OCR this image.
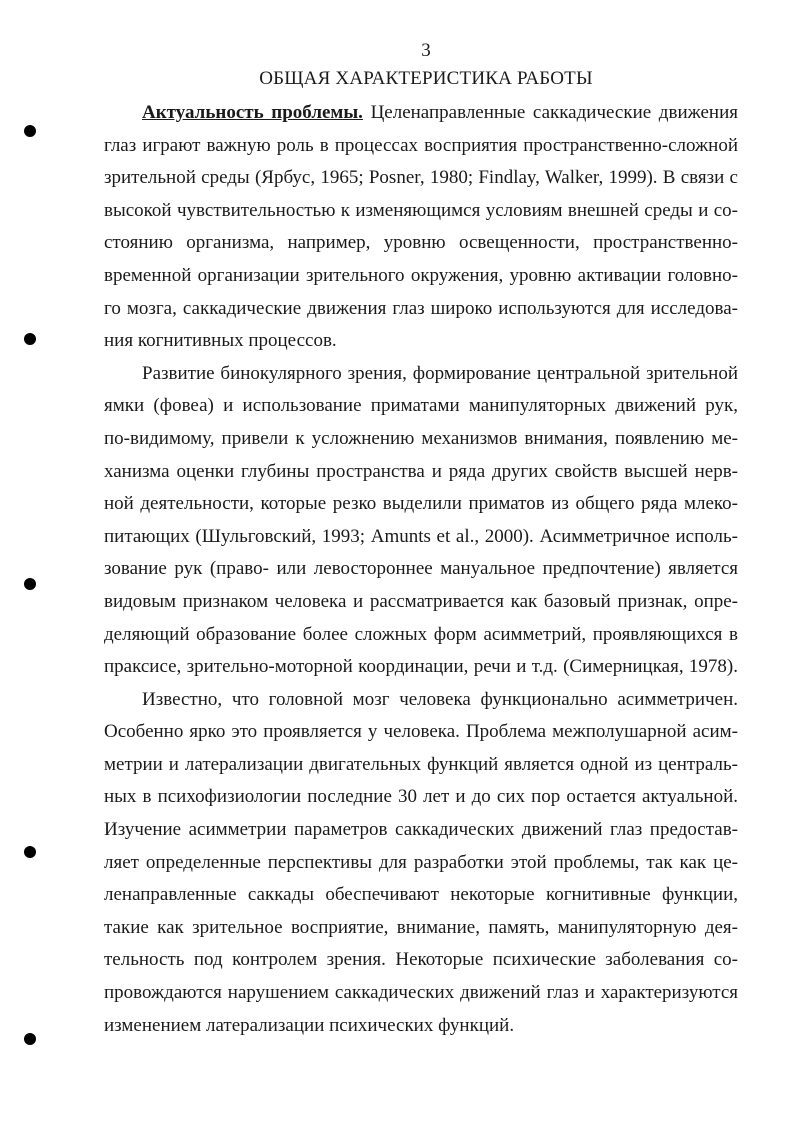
3
ОБЩАЯ ХАРАКТЕРИСТИКА РАБОТЫ
Актуальность проблемы. Целенаправленные саккадические движения
глаз играют важную роль в процессах восприятия пространственно-сложной
зрительной среды (Ярбус, 1965; Posner, 1980; Findlay, Walker, 1999). В связи с
высокой чувствительностью к изменяющимся условиям внешней среды и со-
стоянию организма, например, уровню освещенности, пространственно-
временной организации зрительного окружения, уровню активации головно-
го мозга, саккадические движения глаз широко используются для исследова-
ния когнитивных процессов.
Развитие бинокулярного зрения, формирование центральной зрительной
ямки (фовеа) и использование приматами манипуляторных движений рук,
по-видимому, привели к усложнению механизмов внимания, появлению ме-
ханизма оценки глубины пространства и ряда других свойств высшей нерв-
ной деятельности, которые резко выделили приматов из общего ряда млеко-
питающих (Шульговский, 1993; Amunts et al., 2000). Асимметричное исполь-
зование рук (право- или левостороннее мануальное предпочтение) является
видовым признаком человека и рассматривается как базовый признак, опре-
деляющий образование более сложных форм асимметрий, проявляющихся в
праксисе, зрительно-моторной координации, речи и т.д. (Симерницкая, 1978).
Известно, что головной мозг человека функционально асимметричен.
Особенно ярко это проявляется у человека. Проблема межполушарной асим-
метрии и латерализации двигательных функций является одной из централь-
ных в психофизиологии последние 30 лет и до сих пор остается актуальной.
Изучение асимметрии параметров саккадических движений глаз предостав-
ляет определенные перспективы для разработки этой проблемы, так как це-
ленаправленные саккады обеспечивают некоторые когнитивные функции,
такие как зрительное восприятие, внимание, память, манипуляторную дея-
тельность под контролем зрения. Некоторые психические заболевания со-
провождаются нарушением саккадических движений глаз и характеризуются
изменением латерализации психических функций.
